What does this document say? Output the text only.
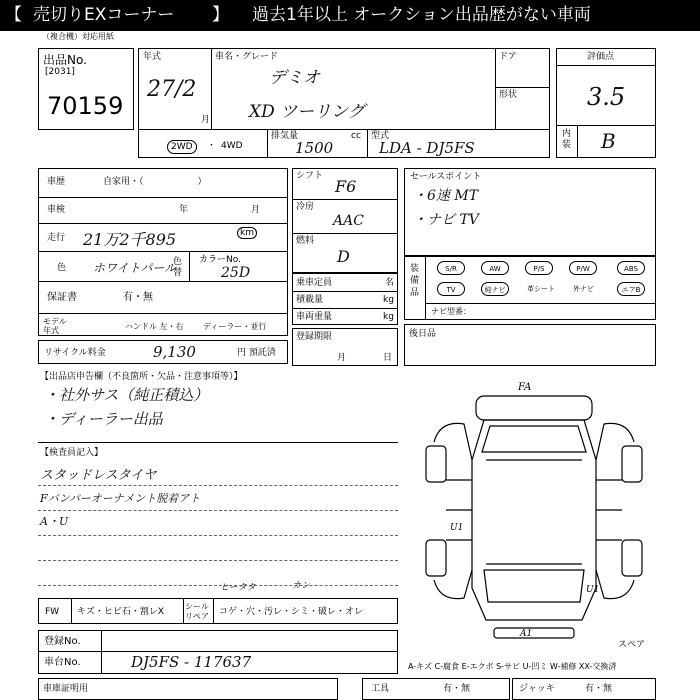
【 売切りEXコーナー 】 過去1年以上 オークション出品歴がない車両
（複合機）対応用紙
出品No.
[2031]
70159
年式
27/2
月
車名・グレード
デミオ
XD ツーリング
ドア
形状
2WD	・ 4WD
排気量	cc
1500
型式
LDA - DJ5FS
評価点
3.5
内装 B
車歴	自家用・（　　　　　　）
車検	年	月
走行 21万2千895	km
色 ホワイトパール
色替
カラーNo.
25D
保証書	有・無
モデル年式	ハンドル 左・右 ディーラー・並行
シフト
F6
冷房
AAC
燃料
D
乗車定員	名
積載量	kg
車両重量	kg
セールスポイント
・6速 MT
・ナビ TV
装備品
S/R	AW	P/S	P/W	ABS
TV	純ナビ	革シート	外ナビ	エアB
ナビ型番：
リサイクル料金	9,130	円 預託済
登録期限
月	日
後日品
【出品店申告欄（不良箇所・欠品・注意事項等）】
・社外サス（純正積込）
・ディーラー出品
【検査員記入】
スタッドレスタイヤ
Fバンパーオーナメント脱着アト
A・U
FA
U1
U1
A1
スペア
FW キズ・ヒビ石・割レX
シール
リペア コゲ・穴・汚レ・シミ・破レ・オレ
ヒータタ	カン
登録No.
車台No.	DJ5FS - 117637	A-キズ C-腐食 E-エクボ S-サビ U-凹ミ W-補修 XX-交換済
車庫証明用	工具	有・無	ジャッキ	有・無
